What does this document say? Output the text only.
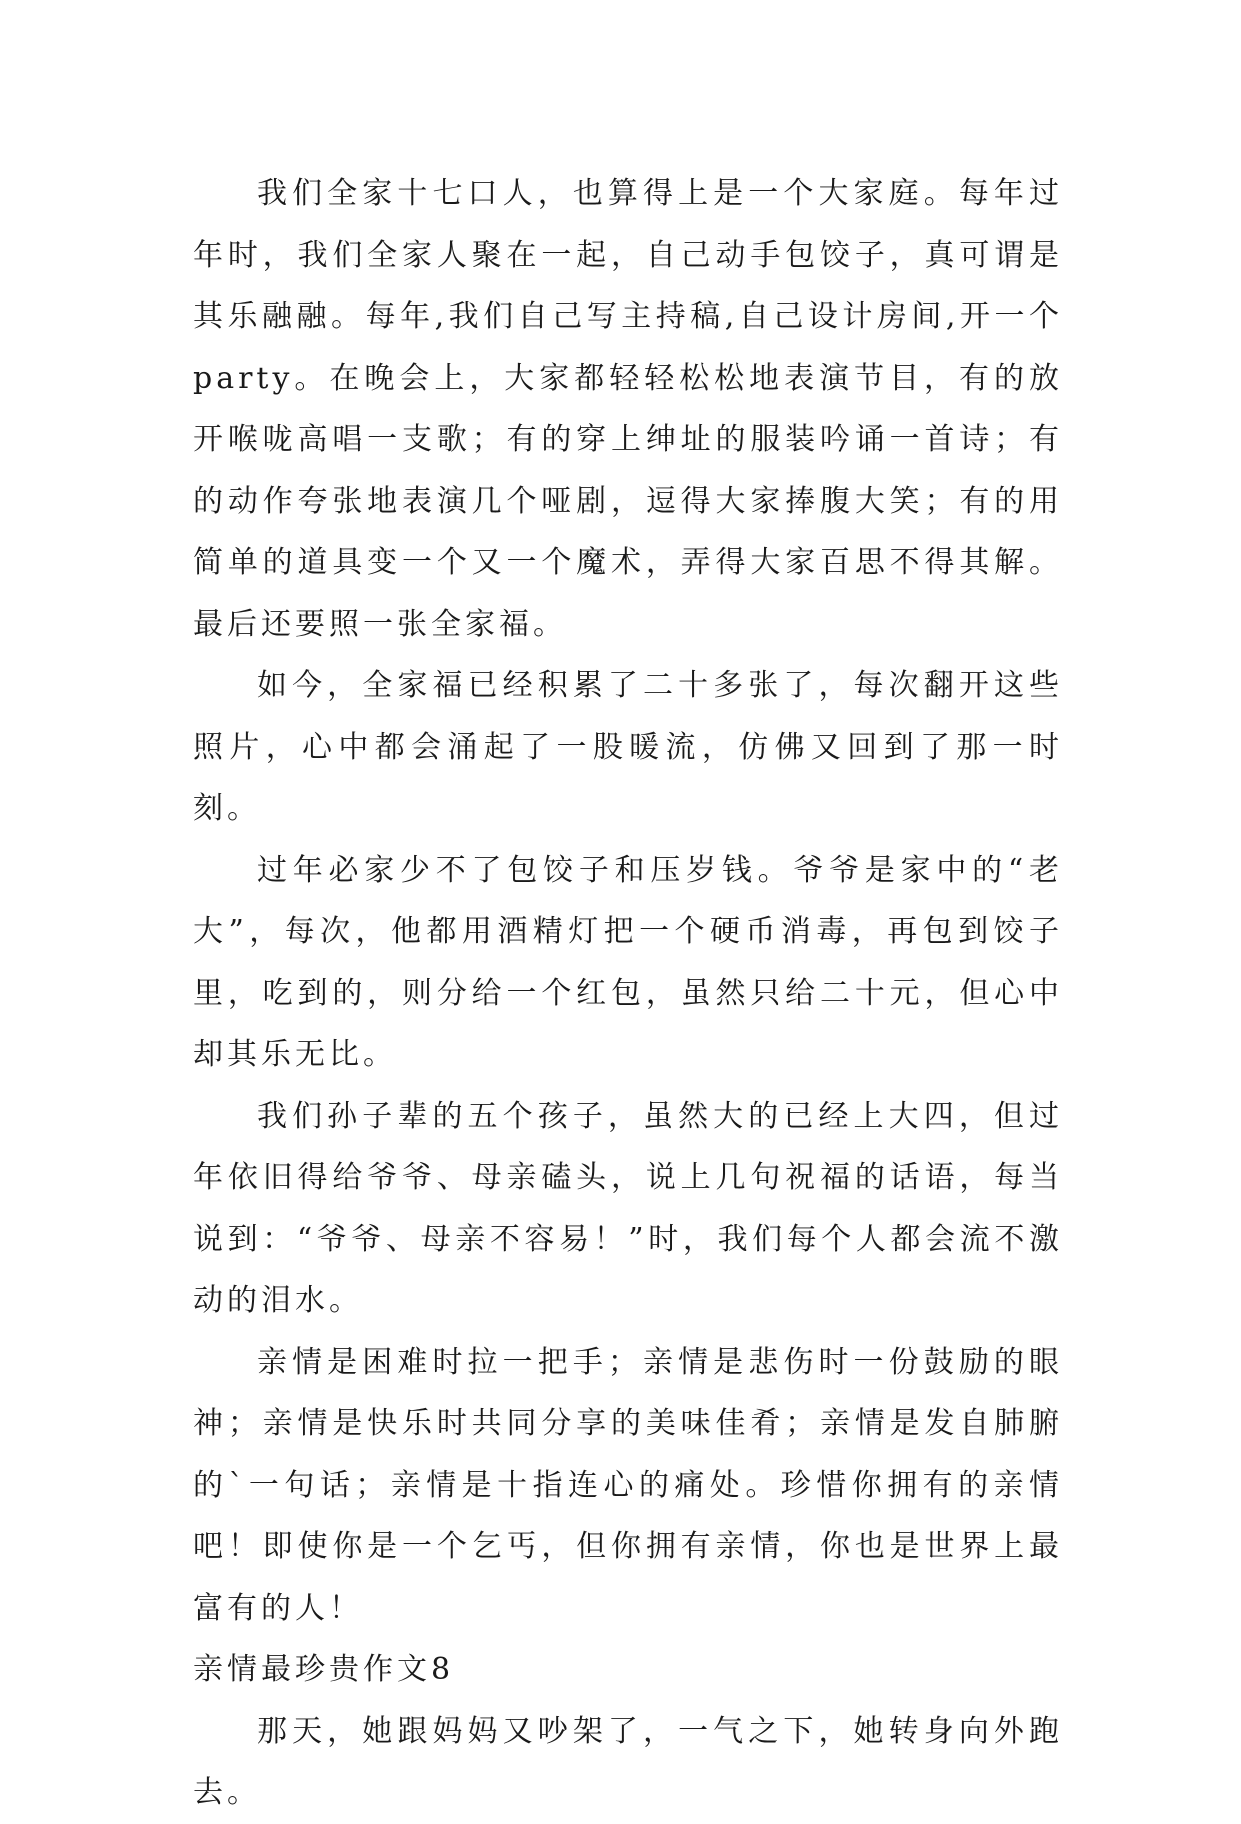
我们全家十七口人，也算得上是一个大家庭。每年过年时，我们全家人聚在一起，自己动手包饺子，真可谓是其乐融融。每年,我们自己写主持稿,自己设计房间,开一个party。在晚会上，大家都轻轻松松地表演节目，有的放开喉咙高唱一支歌；有的穿上绅址的服装吟诵一首诗；有的动作夸张地表演几个哑剧，逗得大家捧腹大笑；有的用简单的道具变一个又一个魔术，弄得大家百思不得其解。最后还要照一张全家福。

如今，全家福已经积累了二十多张了，每次翻开这些照片，心中都会涌起了一股暖流，仿佛又回到了那一时刻。

过年必家少不了包饺子和压岁钱。爷爷是家中的“老大”，每次，他都用酒精灯把一个硬币消毒，再包到饺子里，吃到的，则分给一个红包，虽然只给二十元，但心中却其乐无比。

我们孙子辈的五个孩子，虽然大的已经上大四，但过年依旧得给爷爷、母亲磕头，说上几句祝福的话语，每当说到：“爷爷、母亲不容易！”时，我们每个人都会流不激动的泪水。

亲情是困难时拉一把手；亲情是悲伤时一份鼓励的眼神；亲情是快乐时共同分享的美味佳肴；亲情是发自肺腑的`一句话；亲情是十指连心的痛处。珍惜你拥有的亲情吧！即使你是一个乞丐，但你拥有亲情，你也是世界上最富有的人！

亲情最珍贵作文8

那天，她跟妈妈又吵架了，一气之下，她转身向外跑去。
